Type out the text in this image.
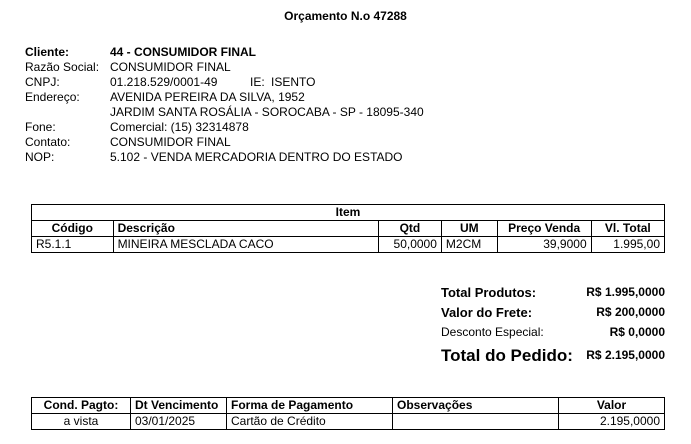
Orçamento N.o 47288
Cliente:	44 - CONSUMIDOR FINAL
Razão Social: CONSUMIDOR FINAL
CNPJ:	01.218.529/0001-49	IE: ISENTO
Endereço:	AVENIDA PEREIRA DA SILVA, 1952
JARDIM SANTA ROSÁLIA - SOROCABA - SP - 18095-340
Fone:	Comercial: (15) 32314878
Contato:	CONSUMIDOR FINAL
NOP:	5.102 - VENDA MERCADORIA DENTRO DO ESTADO
Item					
Código	Descrição	Qtd	UM	Preço Venda	Vl. Total
R5.1.1	MINEIRA MESCLADA CACO	50,0000	M2CM	39,9000	1.995,00
Total Produtos:	R$ 1.995,0000
Valor do Frete:	R$ 200,0000
Desconto Especial:	R$ 0,0000
Total do Pedido: R$ 2.195,0000
Cond. Pagto:	Dt Vencimento	Forma de Pagamento	Observações	Valor
a vista	03/01/2025	Cartão de Crédito		2.195,0000
